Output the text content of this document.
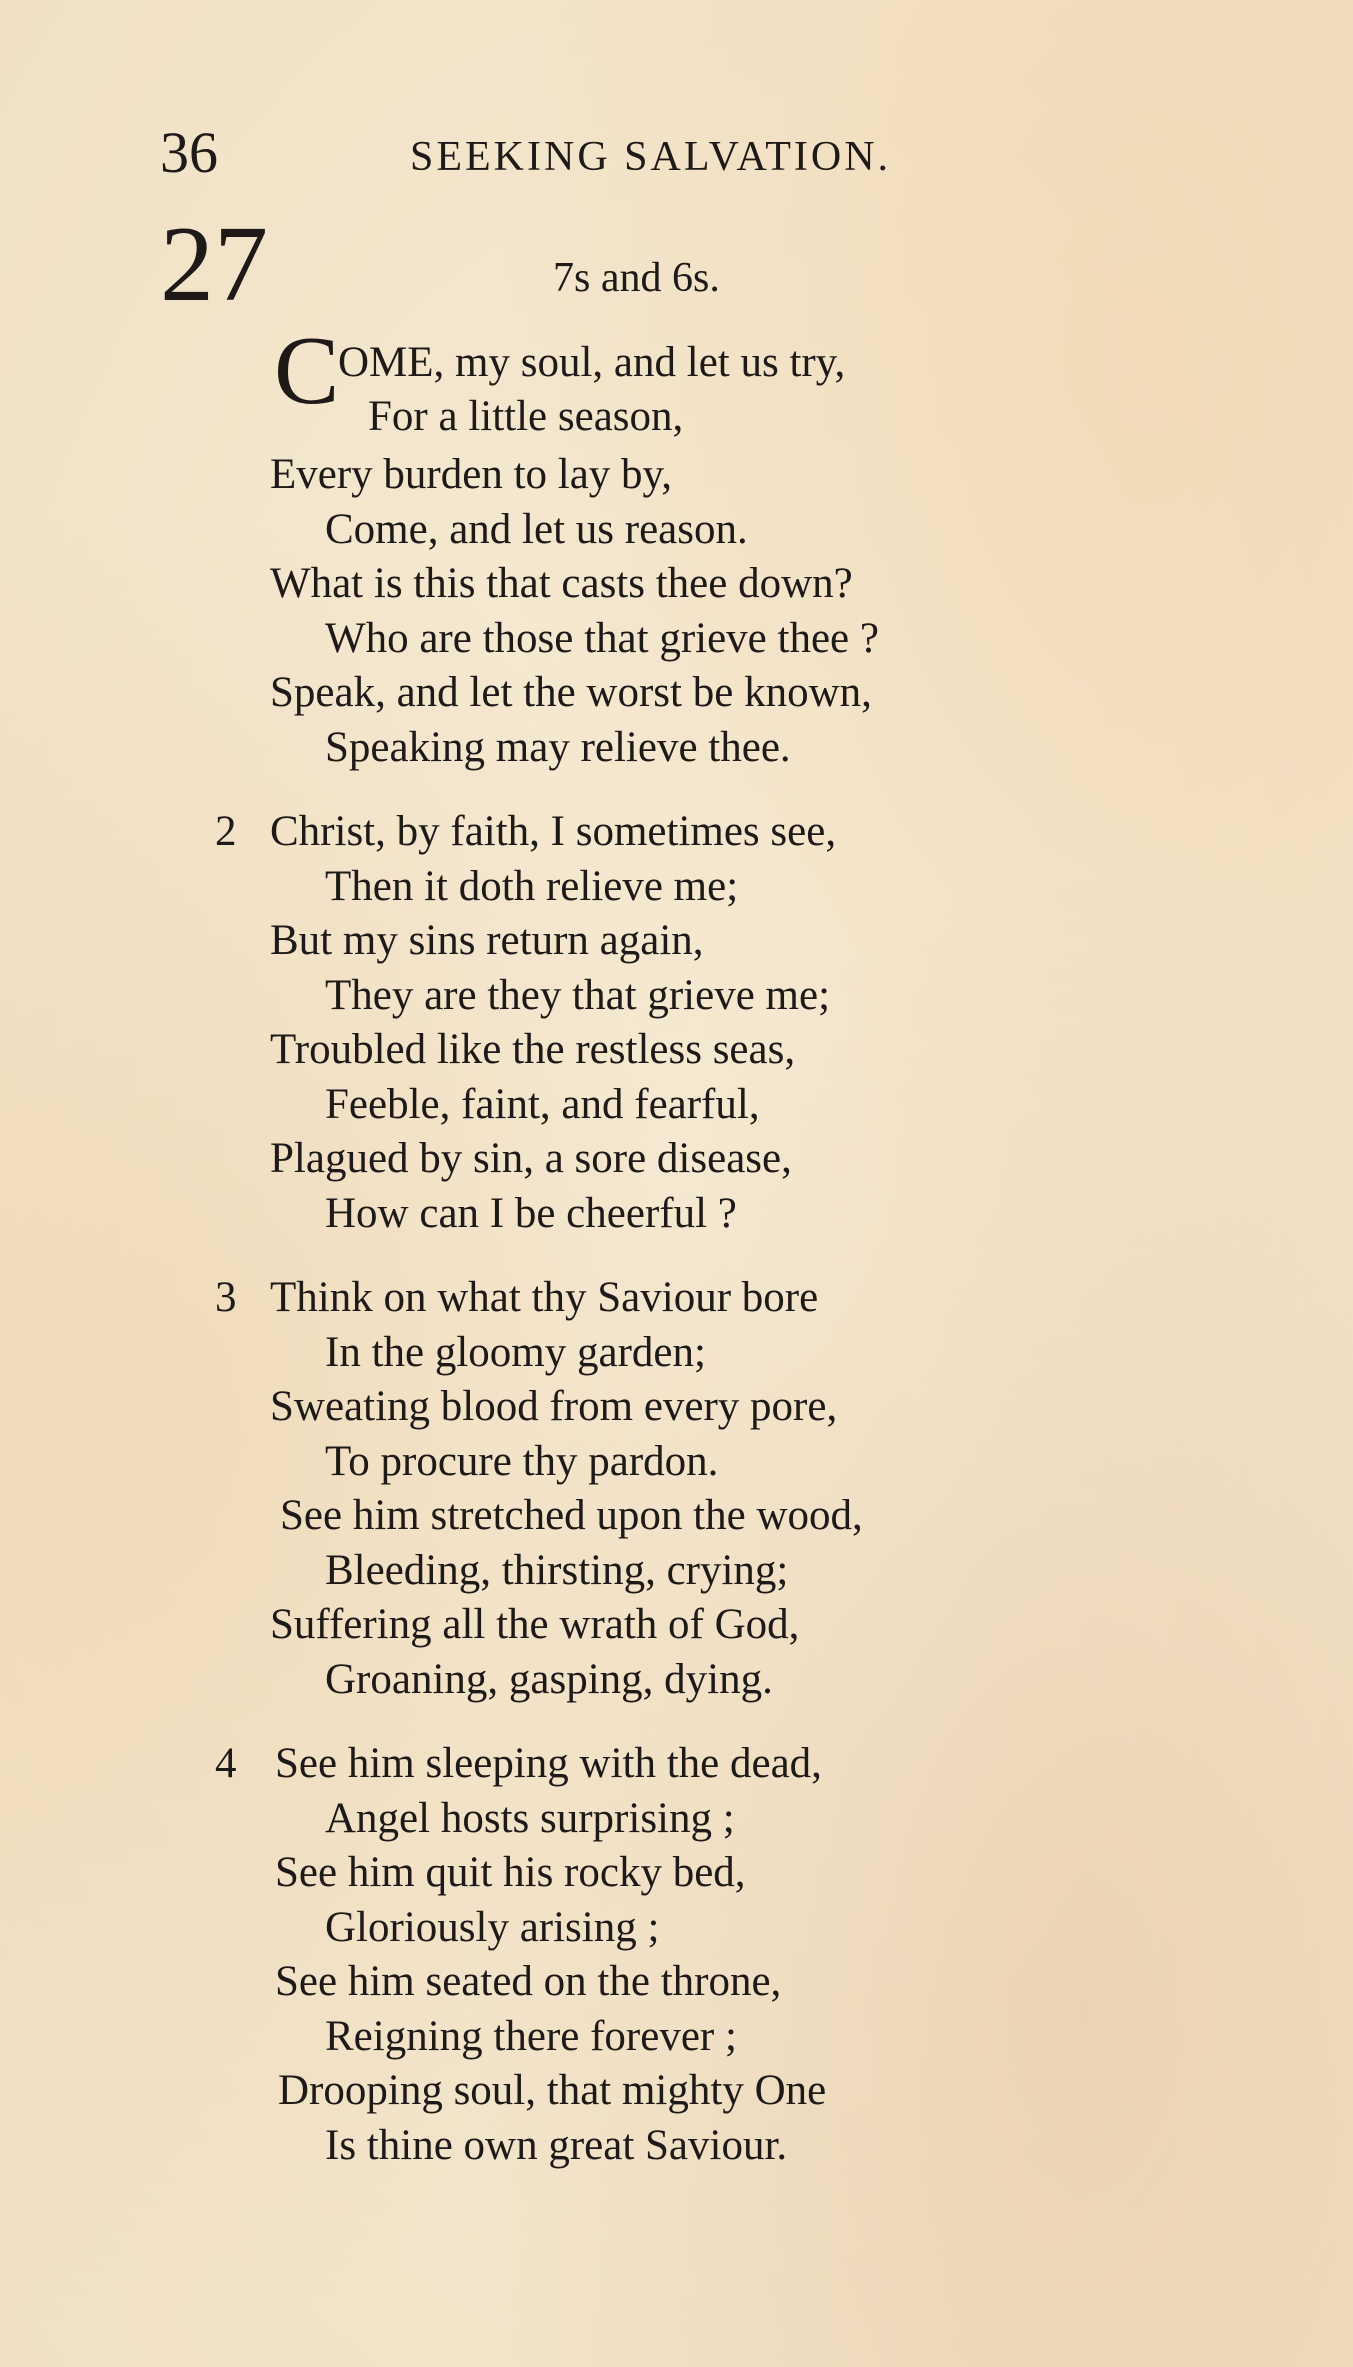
36	SEEKING SALVATION.
27	7s and 6s.
C
OME, my soul, and let us try,
For a little season,
Every burden to lay by,
Come, and let us reason.
What is this that casts thee down?
Who are those that grieve thee ?
Speak, and let the worst be known,
Speaking may relieve thee.
2 Christ, by faith, I sometimes see,
Then it doth relieve me;
But my sins return again,
They are they that grieve me;
Troubled like the restless seas,
Feeble, faint, and fearful,
Plagued by sin, a sore disease,
How can I be cheerful ?
3 Think on what thy Saviour bore
In the gloomy garden;
Sweating blood from every pore,
To procure thy pardon.
See him stretched upon the wood,
Bleeding, thirsting, crying;
Suffering all the wrath of God,
Groaning, gasping, dying.
4 See him sleeping with the dead,
Angel hosts surprising ;
See him quit his rocky bed,
Gloriously arising ;
See him seated on the throne,
Reigning there forever ;
Drooping soul, that mighty One
Is thine own great Saviour.
